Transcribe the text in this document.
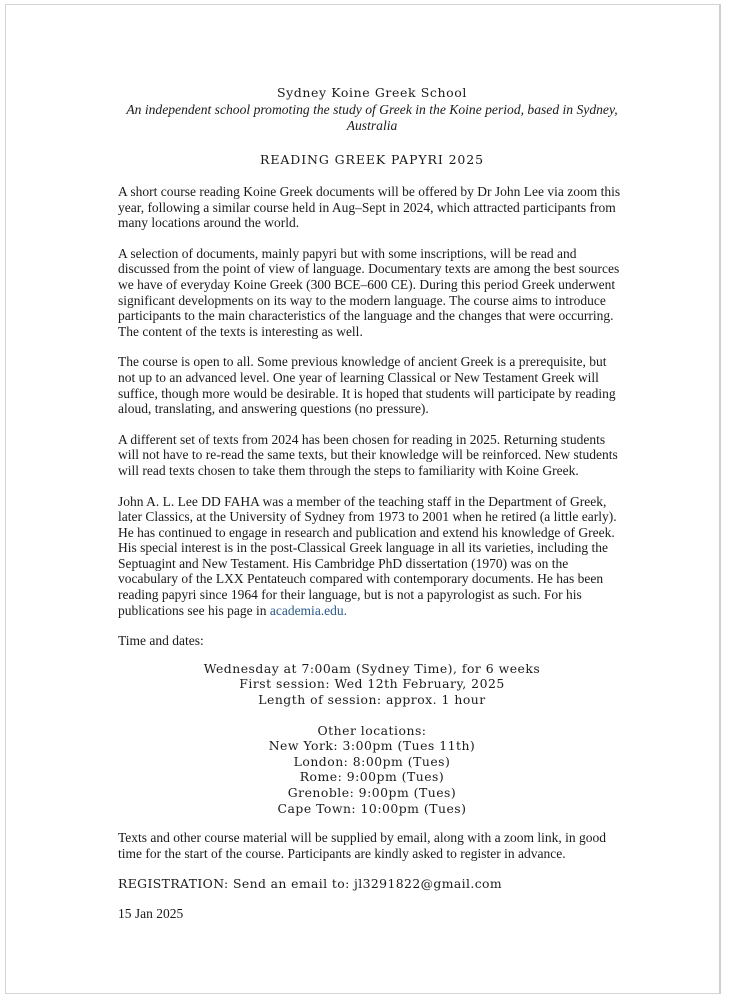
Sydney Koine Greek School
An independent school promoting the study of Greek in the Koine period, based in Sydney, Australia
READING GREEK PAPYRI 2025

A short course reading Koine Greek documents will be offered by Dr John Lee via zoom this year, following a similar course held in Aug–Sept in 2024, which attracted participants from many locations around the world.

A selection of documents, mainly papyri but with some inscriptions, will be read and discussed from the point of view of language. Documentary texts are among the best sources we have of everyday Koine Greek (300 BCE–600 CE). During this period Greek underwent significant developments on its way to the modern language. The course aims to introduce participants to the main characteristics of the language and the changes that were occurring. The content of the texts is interesting as well.

The course is open to all. Some previous knowledge of ancient Greek is a prerequisite, but not up to an advanced level. One year of learning Classical or New Testament Greek will suffice, though more would be desirable. It is hoped that students will participate by reading aloud, translating, and answering questions (no pressure).

A different set of texts from 2024 has been chosen for reading in 2025. Returning students will not have to re-read the same texts, but their knowledge will be reinforced. New students will read texts chosen to take them through the steps to familiarity with Koine Greek.

John A. L. Lee DD FAHA was a member of the teaching staff in the Department of Greek, later Classics, at the University of Sydney from 1973 to 2001 when he retired (a little early). He has continued to engage in research and publication and extend his knowledge of Greek. His special interest is in the post-Classical Greek language in all its varieties, including the Septuagint and New Testament. His Cambridge PhD dissertation (1970) was on the vocabulary of the LXX Pentateuch compared with contemporary documents. He has been reading papyri since 1964 for their language, but is not a papyrologist as such. For his publications see his page in academia.edu.

Time and dates:

Wednesday at 7:00am (Sydney Time), for 6 weeks
First session: Wed 12th February, 2025
Length of session: approx. 1 hour
Other locations:
New York: 3:00pm (Tues 11th)
London: 8:00pm (Tues)
Rome: 9:00pm (Tues)
Grenoble: 9:00pm (Tues)
Cape Town: 10:00pm (Tues)

Texts and other course material will be supplied by email, along with a zoom link, in good time for the start of the course. Participants are kindly asked to register in advance.

REGISTRATION: Send an email to: jl3291822@gmail.com
15 Jan 2025
